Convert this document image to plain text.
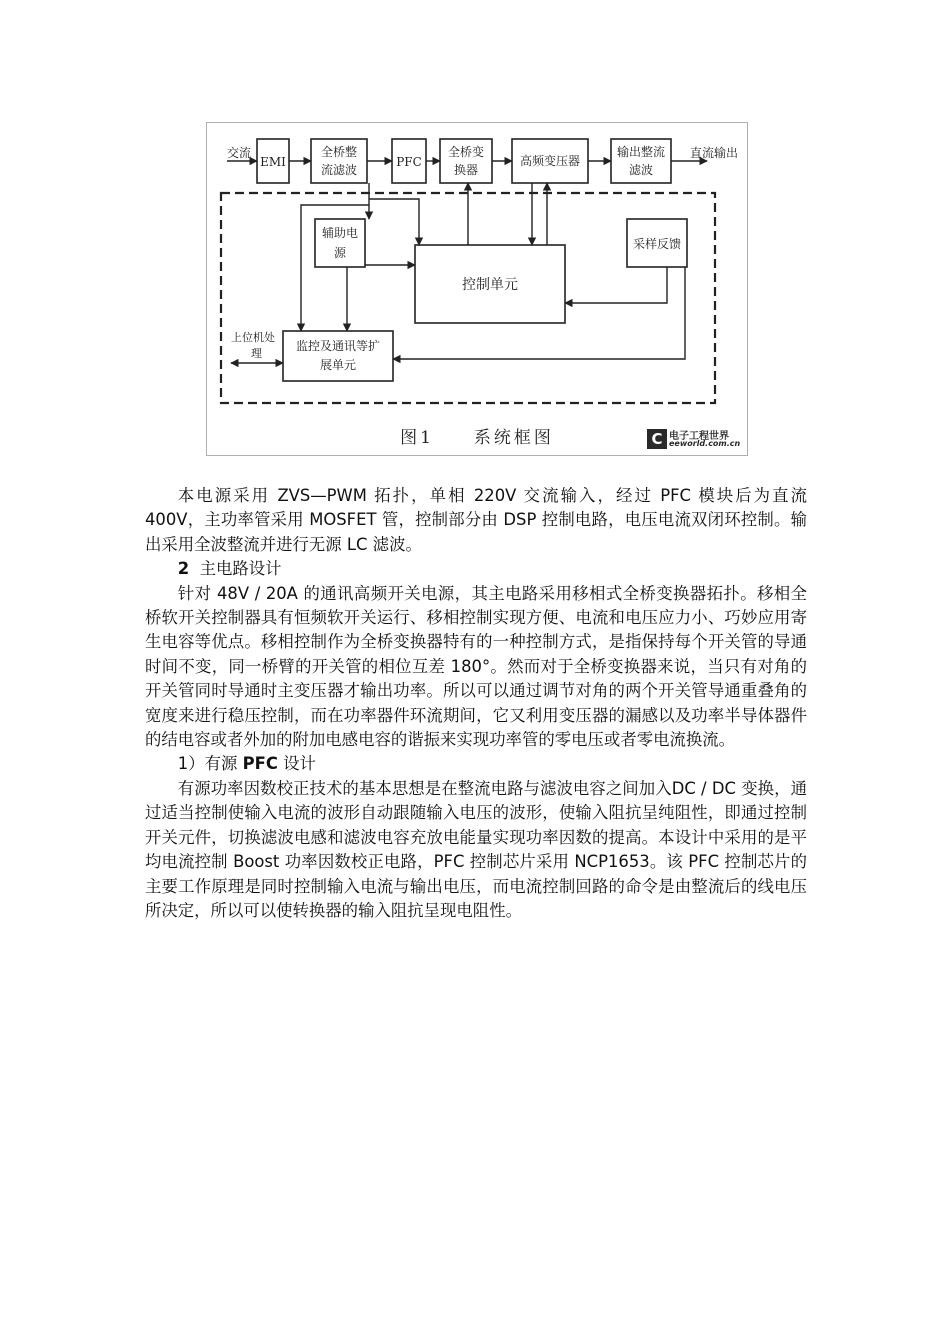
EMI
全桥整
流滤波
PFC
全桥变
换器
高频变压器
输出整流
滤波
交流	直流输出
辅助电
源
控制单元
采样反馈
监控及通讯等扩
展单元
上位机处
理
图1 系统框图	C 电子工程世界
eeworld.com.cn

本电源采用 ZVS—PWM 拓扑，单相 220V 交流输入，经过 PFC 模块后为直流 400V，主功率管采用 MOSFET 管，控制部分由 DSP 控制电路，电压电流双闭环控制。输出采用全波整流并进行无源 LC 滤波。

2 主电路设计

针对 48V / 20A 的通讯高频开关电源，其主电路采用移相式全桥变换器拓扑。移相全桥软开关控制器具有恒频软开关运行、移相控制实现方便、电流和电压应力小、巧妙应用寄生电容等优点。移相控制作为全桥变换器特有的一种控制方式，是指保持每个开关管的导通时间不变，同一桥臂的开关管的相位互差 180°。然而对于全桥变换器来说，当只有对角的开关管同时导通时主变压器才输出功率。所以可以通过调节对角的两个开关管导通重叠角的宽度来进行稳压控制，而在功率器件环流期间，它又利用变压器的漏感以及功率半导体器件的结电容或者外加的附加电感电容的谐振来实现功率管的零电压或者零电流换流。

1）有源 PFC 设计

有源功率因数校正技术的基本思想是在整流电路与滤波电容之间加入DC / DC 变换，通过适当控制使输入电流的波形自动跟随输入电压的波形，使输入阻抗呈纯阻性，即通过控制开关元件，切换滤波电感和滤波电容充放电能量实现功率因数的提高。本设计中采用的是平均电流控制 Boost 功率因数校正电路，PFC 控制芯片采用 NCP1653。该 PFC 控制芯片的主要工作原理是同时控制输入电流与输出电压，而电流控制回路的命令是由整流后的线电压所决定，所以可以使转换器的输入阻抗呈现电阻性。
